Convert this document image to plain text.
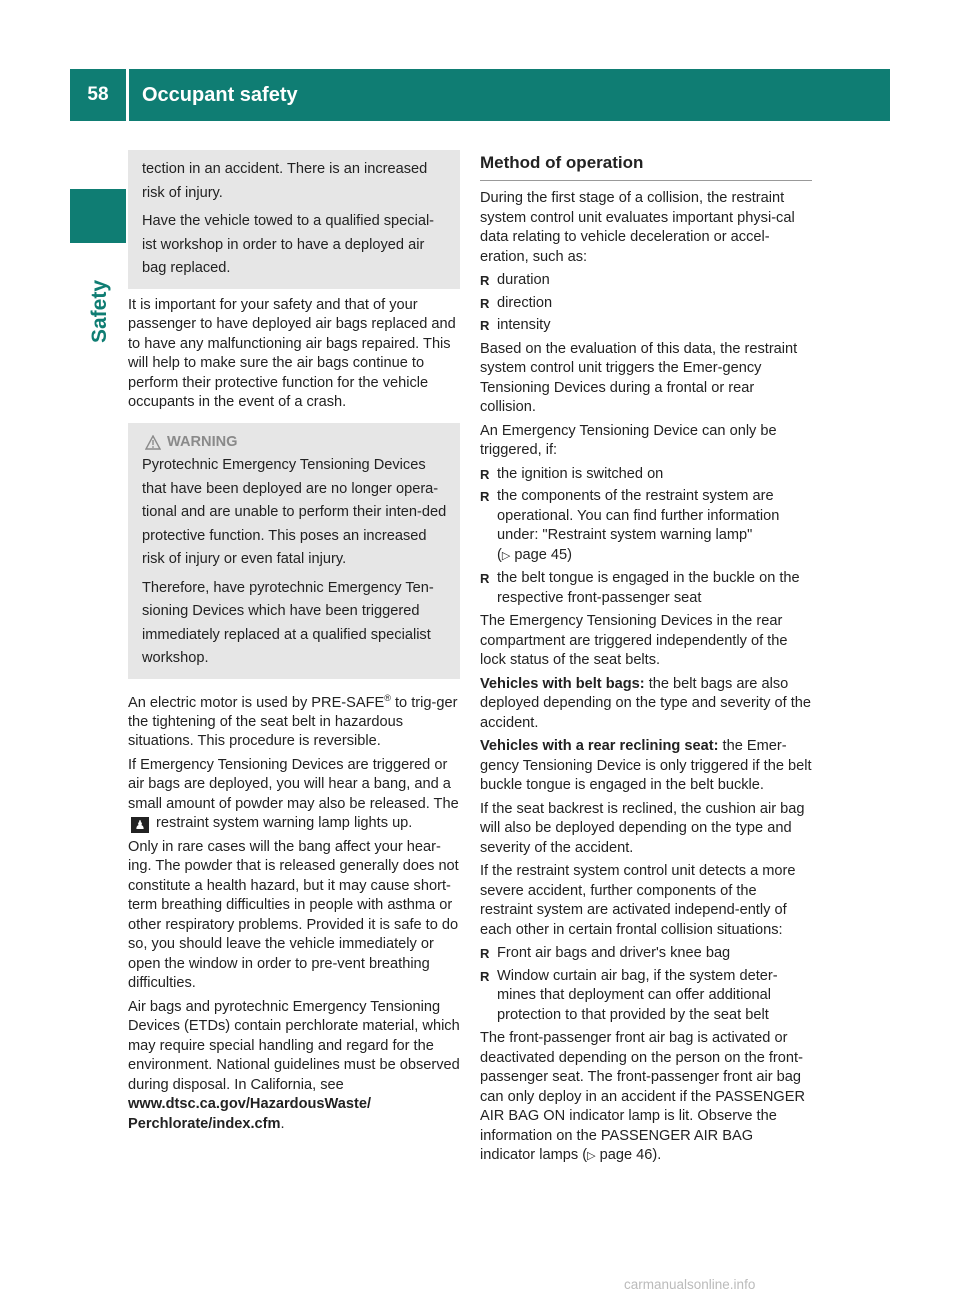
58	Occupant safety
Safety

tection in an accident. There is an increased risk of injury.

Have the vehicle towed to a qualified special-ist workshop in order to have a deployed air bag replaced.

It is important for your safety and that of your passenger to have deployed air bags replaced and to have any malfunctioning air bags repaired. This will help to make sure the air bags continue to perform their protective function for the vehicle occupants in the event of a crash.

WARNING

Pyrotechnic Emergency Tensioning Devices that have been deployed are no longer opera-tional and are unable to perform their inten-ded protective function. This poses an increased risk of injury or even fatal injury.

Therefore, have pyrotechnic Emergency Ten-sioning Devices which have been triggered immediately replaced at a qualified specialist workshop.

An electric motor is used by PRE-SAFE® to trig-ger the tightening of the seat belt in hazardous situations. This procedure is reversible.

If Emergency Tensioning Devices are triggered or air bags are deployed, you will hear a bang, and a small amount of powder may also be released. The ♟ restraint system warning lamp lights up.

Only in rare cases will the bang affect your hear-ing. The powder that is released generally does not constitute a health hazard, but it may cause short-term breathing difficulties in people with asthma or other respiratory problems. Provided it is safe to do so, you should leave the vehicle immediately or open the window in order to pre-vent breathing difficulties.

Air bags and pyrotechnic Emergency Tensioning Devices (ETDs) contain perchlorate material, which may require special handling and regard for the environment. National guidelines must be observed during disposal. In California, see www.dtsc.ca.gov/HazardousWaste/ Perchlorate/index.cfm.

Method of operation

During the first stage of a collision, the restraint system control unit evaluates important physi-cal data relating to vehicle deceleration or accel-eration, such as:

R duration
R direction
R intensity

Based on the evaluation of this data, the restraint system control unit triggers the Emer-gency Tensioning Devices during a frontal or rear collision.

An Emergency Tensioning Device can only be triggered, if:

R the ignition is switched on
R the components of the restraint system are operational. You can find further information under: "Restraint system warning lamp"
(▷ page 45)
R the belt tongue is engaged in the buckle on the respective front-passenger seat

The Emergency Tensioning Devices in the rear compartment are triggered independently of the lock status of the seat belts.

Vehicles with belt bags: the belt bags are also deployed depending on the type and severity of the accident.

Vehicles with a rear reclining seat: the Emer-gency Tensioning Device is only triggered if the belt buckle tongue is engaged in the belt buckle.

If the seat backrest is reclined, the cushion air bag will also be deployed depending on the type and severity of the accident.

If the restraint system control unit detects a more severe accident, further components of the restraint system are activated independ-ently of each other in certain frontal collision situations:

R Front air bags and driver's knee bag
R Window curtain air bag, if the system deter-mines that deployment can offer additional protection to that provided by the seat belt

The front-passenger front air bag is activated or deactivated depending on the person on the front-passenger seat. The front-passenger front air bag can only deploy in an accident if the PASSENGER AIR BAG ON indicator lamp is lit. Observe the information on the PASSENGER AIR BAG indicator lamps (▷ page 46).

carmanualsonline.info
